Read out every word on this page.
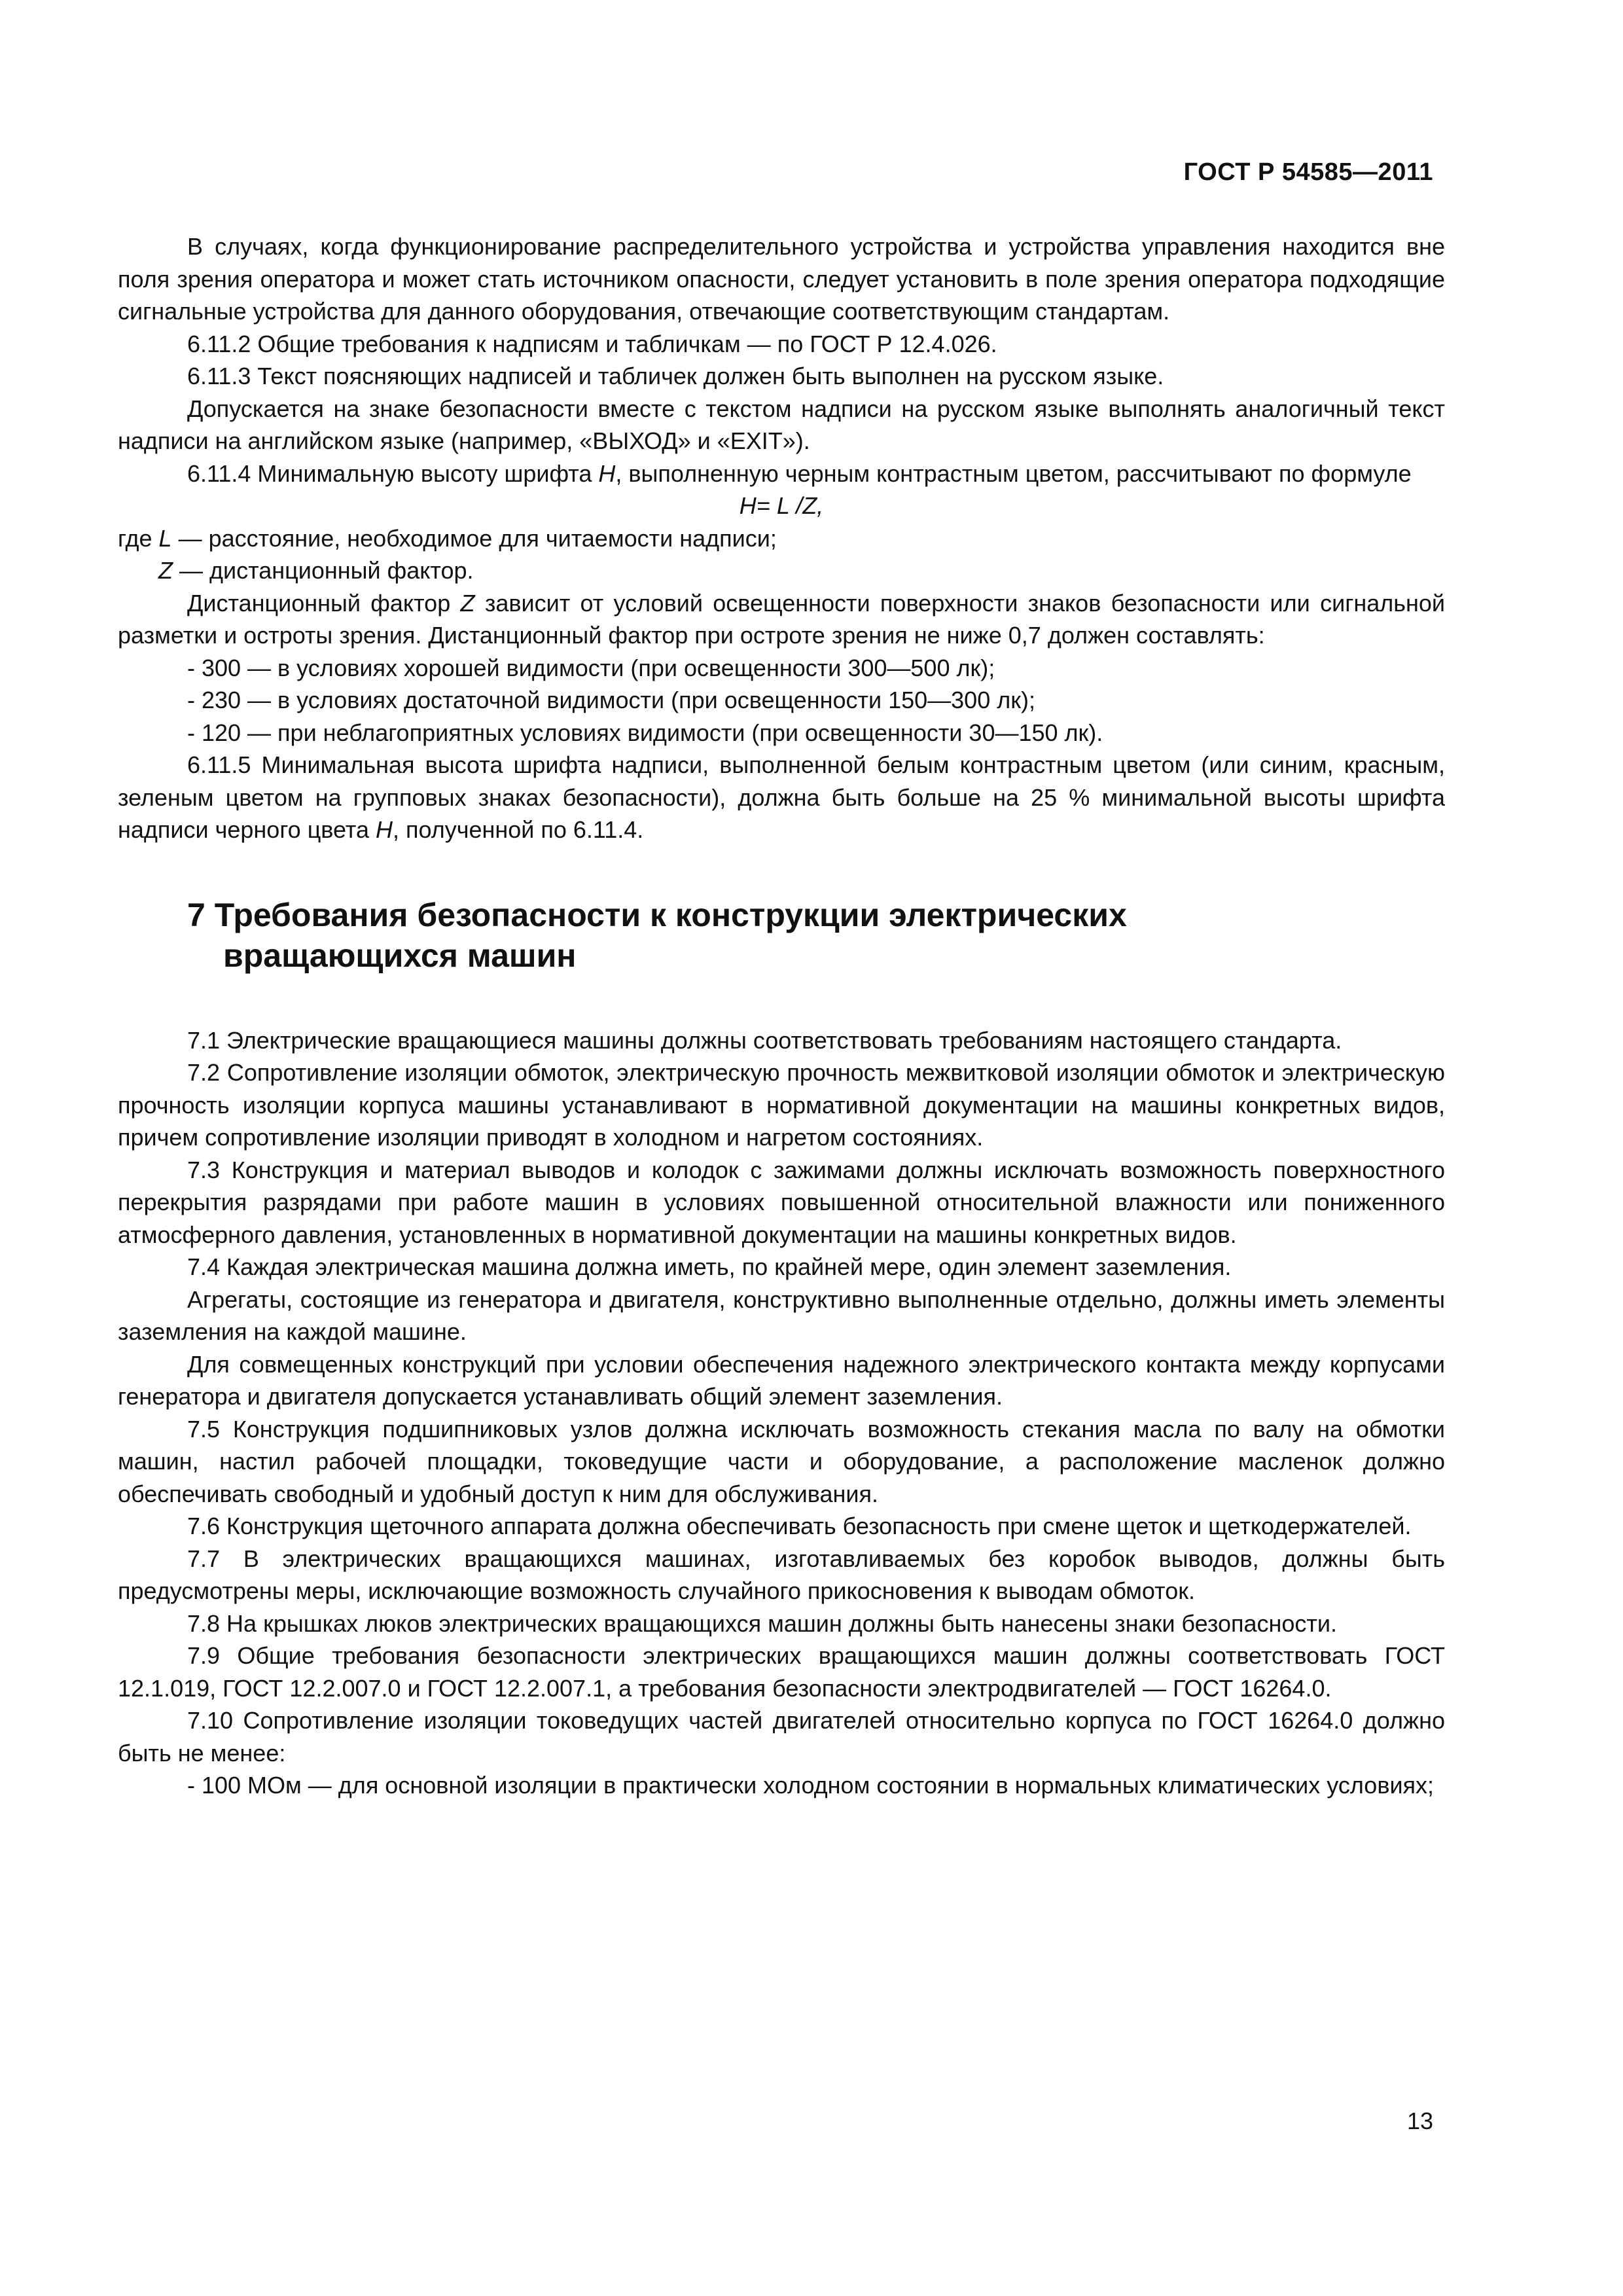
ГОСТ Р 54585—2011

В случаях, когда функционирование распределительного устройства и устройства управления находится вне поля зрения оператора и может стать источником опасности, следует установить в поле зрения оператора подходящие сигнальные устройства для данного оборудования, отвечающие соответствующим стандартам.

6.11.2 Общие требования к надписям и табличкам — по ГОСТ Р 12.4.026.

6.11.3 Текст поясняющих надписей и табличек должен быть выполнен на русском языке.

Допускается на знаке безопасности вместе с текстом надписи на русском языке выполнять аналогичный текст надписи на английском языке (например, «ВЫХОД» и «EXIT»).

6.11.4 Минимальную высоту шрифта H, выполненную черным контрастным цветом, рассчитывают по формуле

H= L /Z,

где L — расстояние, необходимое для читаемости надписи;

Z — дистанционный фактор.

Дистанционный фактор Z зависит от условий освещенности поверхности знаков безопасности или сигнальной разметки и остроты зрения. Дистанционный фактор при остроте зрения не ниже 0,7 должен составлять:

- 300 — в условиях хорошей видимости (при освещенности 300—500 лк);

- 230 — в условиях достаточной видимости (при освещенности 150—300 лк);

- 120 — при неблагоприятных условиях видимости (при освещенности 30—150 лк).

6.11.5 Минимальная высота шрифта надписи, выполненной белым контрастным цветом (или синим, красным, зеленым цветом на групповых знаках безопасности), должна быть больше на 25 % минимальной высоты шрифта надписи черного цвета H, полученной по 6.11.4.

7 Требования безопасности к конструкции электрических
вращающихся машин

7.1 Электрические вращающиеся машины должны соответствовать требованиям настоящего стандарта.

7.2 Сопротивление изоляции обмоток, электрическую прочность межвитковой изоляции обмоток и электрическую прочность изоляции корпуса машины устанавливают в нормативной документации на машины конкретных видов, причем сопротивление изоляции приводят в холодном и нагретом состояниях.

7.3 Конструкция и материал выводов и колодок с зажимами должны исключать возможность поверхностного перекрытия разрядами при работе машин в условиях повышенной относительной влажности или пониженного атмосферного давления, установленных в нормативной документации на машины конкретных видов.

7.4 Каждая электрическая машина должна иметь, по крайней мере, один элемент заземления.

Агрегаты, состоящие из генератора и двигателя, конструктивно выполненные отдельно, должны иметь элементы заземления на каждой машине.

Для совмещенных конструкций при условии обеспечения надежного электрического контакта между корпусами генератора и двигателя допускается устанавливать общий элемент заземления.

7.5 Конструкция подшипниковых узлов должна исключать возможность стекания масла по валу на обмотки машин, настил рабочей площадки, токоведущие части и оборудование, а расположение масленок должно обеспечивать свободный и удобный доступ к ним для обслуживания.

7.6 Конструкция щеточного аппарата должна обеспечивать безопасность при смене щеток и щеткодержателей.

7.7 В электрических вращающихся машинах, изготавливаемых без коробок выводов, должны быть предусмотрены меры, исключающие возможность случайного прикосновения к выводам обмоток.

7.8 На крышках люков электрических вращающихся машин должны быть нанесены знаки безопасности.

7.9 Общие требования безопасности электрических вращающихся машин должны соответствовать ГОСТ 12.1.019, ГОСТ 12.2.007.0 и ГОСТ 12.2.007.1, а требования безопасности электродвигателей — ГОСТ 16264.0.

7.10 Сопротивление изоляции токоведущих частей двигателей относительно корпуса по ГОСТ 16264.0 должно быть не менее:

- 100 МОм — для основной изоляции в практически холодном состоянии в нормальных климатических условиях;

13
